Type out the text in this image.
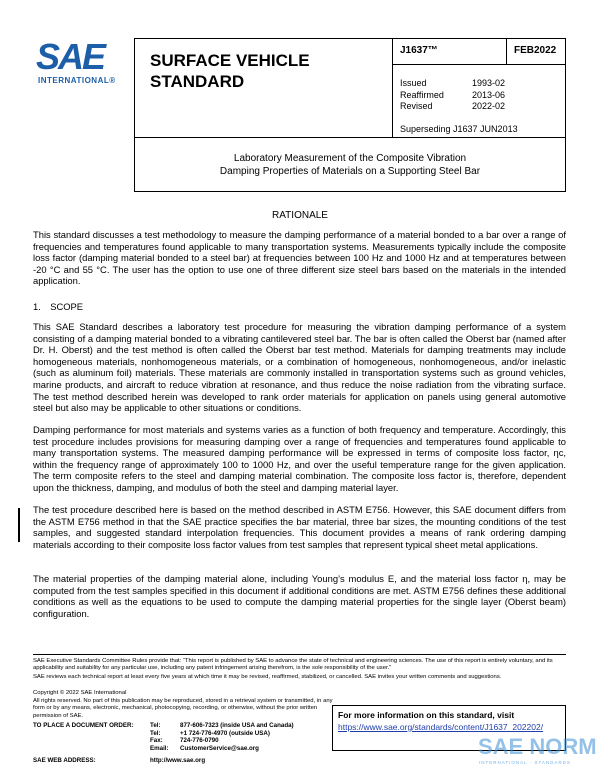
SAE
INTERNATIONAL®
SURFACE VEHICLE STANDARD
J1637™	FEB2022
Issued	1993-02
Reaffirmed	2013-06
Revised	2022-02
Superseding J1637 JUN2013
Laboratory Measurement of the Composite Vibration
Damping Properties of Materials on a Supporting Steel Bar
RATIONALE
This standard discusses a test methodology to measure the damping performance of a material bonded to a bar over a range of frequencies and temperatures found applicable to many transportation systems. Measurements typically include the composite loss factor (damping material bonded to a steel bar) at frequencies between 100 Hz and 1000 Hz and at temperatures between -20 °C and 55 °C. The user has the option to use one of three different size steel bars based on the materials in the intended application.
1. SCOPE
This SAE Standard describes a laboratory test procedure for measuring the vibration damping performance of a system consisting of a damping material bonded to a vibrating cantilevered steel bar. The bar is often called the Oberst bar (named after Dr. H. Oberst) and the test method is often called the Oberst bar test method. Materials for damping treatments may include homogeneous materials, nonhomogeneous materials, or a combination of homogeneous, nonhomogeneous, and/or inelastic (such as aluminum foil) materials. These materials are commonly installed in transportation systems such as ground vehicles, marine products, and aircraft to reduce vibration at resonance, and thus reduce the noise radiation from the vibrating surface. The test method described herein was developed to rank order materials for application on panels using general automotive steel but also may be applicable to other situations or conditions.
Damping performance for most materials and systems varies as a function of both frequency and temperature. Accordingly, this test procedure includes provisions for measuring damping over a range of frequencies and temperatures found applicable to many transportation systems. The measured damping performance will be expressed in terms of composite loss factor, ηc, within the frequency range of approximately 100 to 1000 Hz, and over the useful temperature range for the given application. The term composite refers to the steel and damping material combination. The composite loss factor is, therefore, dependent upon the thickness, damping, and modulus of both the steel and damping material layer.
The test procedure described here is based on the method described in ASTM E756. However, this SAE document differs from the ASTM E756 method in that the SAE practice specifies the bar material, three bar sizes, the mounting conditions of the test samples, and suggested standard interpolation frequencies. This document provides a means of rank ordering damping materials according to their composite loss factor values from test samples that represent typical sheet metal applications.
The material properties of the damping material alone, including Young’s modulus E, and the material loss factor η, may be computed from the test samples specified in this document if additional conditions are met. ASTM E756 defines these additional conditions as well as the equations to be used to compute the damping material properties for the single layer (Oberst beam) configuration.
SAE Executive Standards Committee Rules provide that: “This report is published by SAE to advance the state of technical and engineering sciences. The use of this report is entirely voluntary, and its applicability and suitability for any particular use, including any patent infringement arising therefrom, is the sole responsibility of the user.”
SAE reviews each technical report at least every five years at which time it may be revised, reaffirmed, stabilized, or cancelled. SAE invites your written comments and suggestions.
Copyright © 2022 SAE International
All rights reserved. No part of this publication may be reproduced, stored in a retrieval system or transmitted, in any form or by any means, electronic, mechanical, photocopying, recording, or otherwise, without the prior written permission of SAE.
TO PLACE A DOCUMENT ORDER:	Tel:	877-606-7323 (inside USA and Canada)
Tel:	+1 724-776-4970 (outside USA)
Fax:	724-776-0790
Email: CustomerService@sae.org
SAE WEB ADDRESS:	http://www.sae.org
For more information on this standard, visit
https://www.sae.org/standards/content/J1637_202202/
SAE NORM
INTERNATIONAL · STANDARDS
